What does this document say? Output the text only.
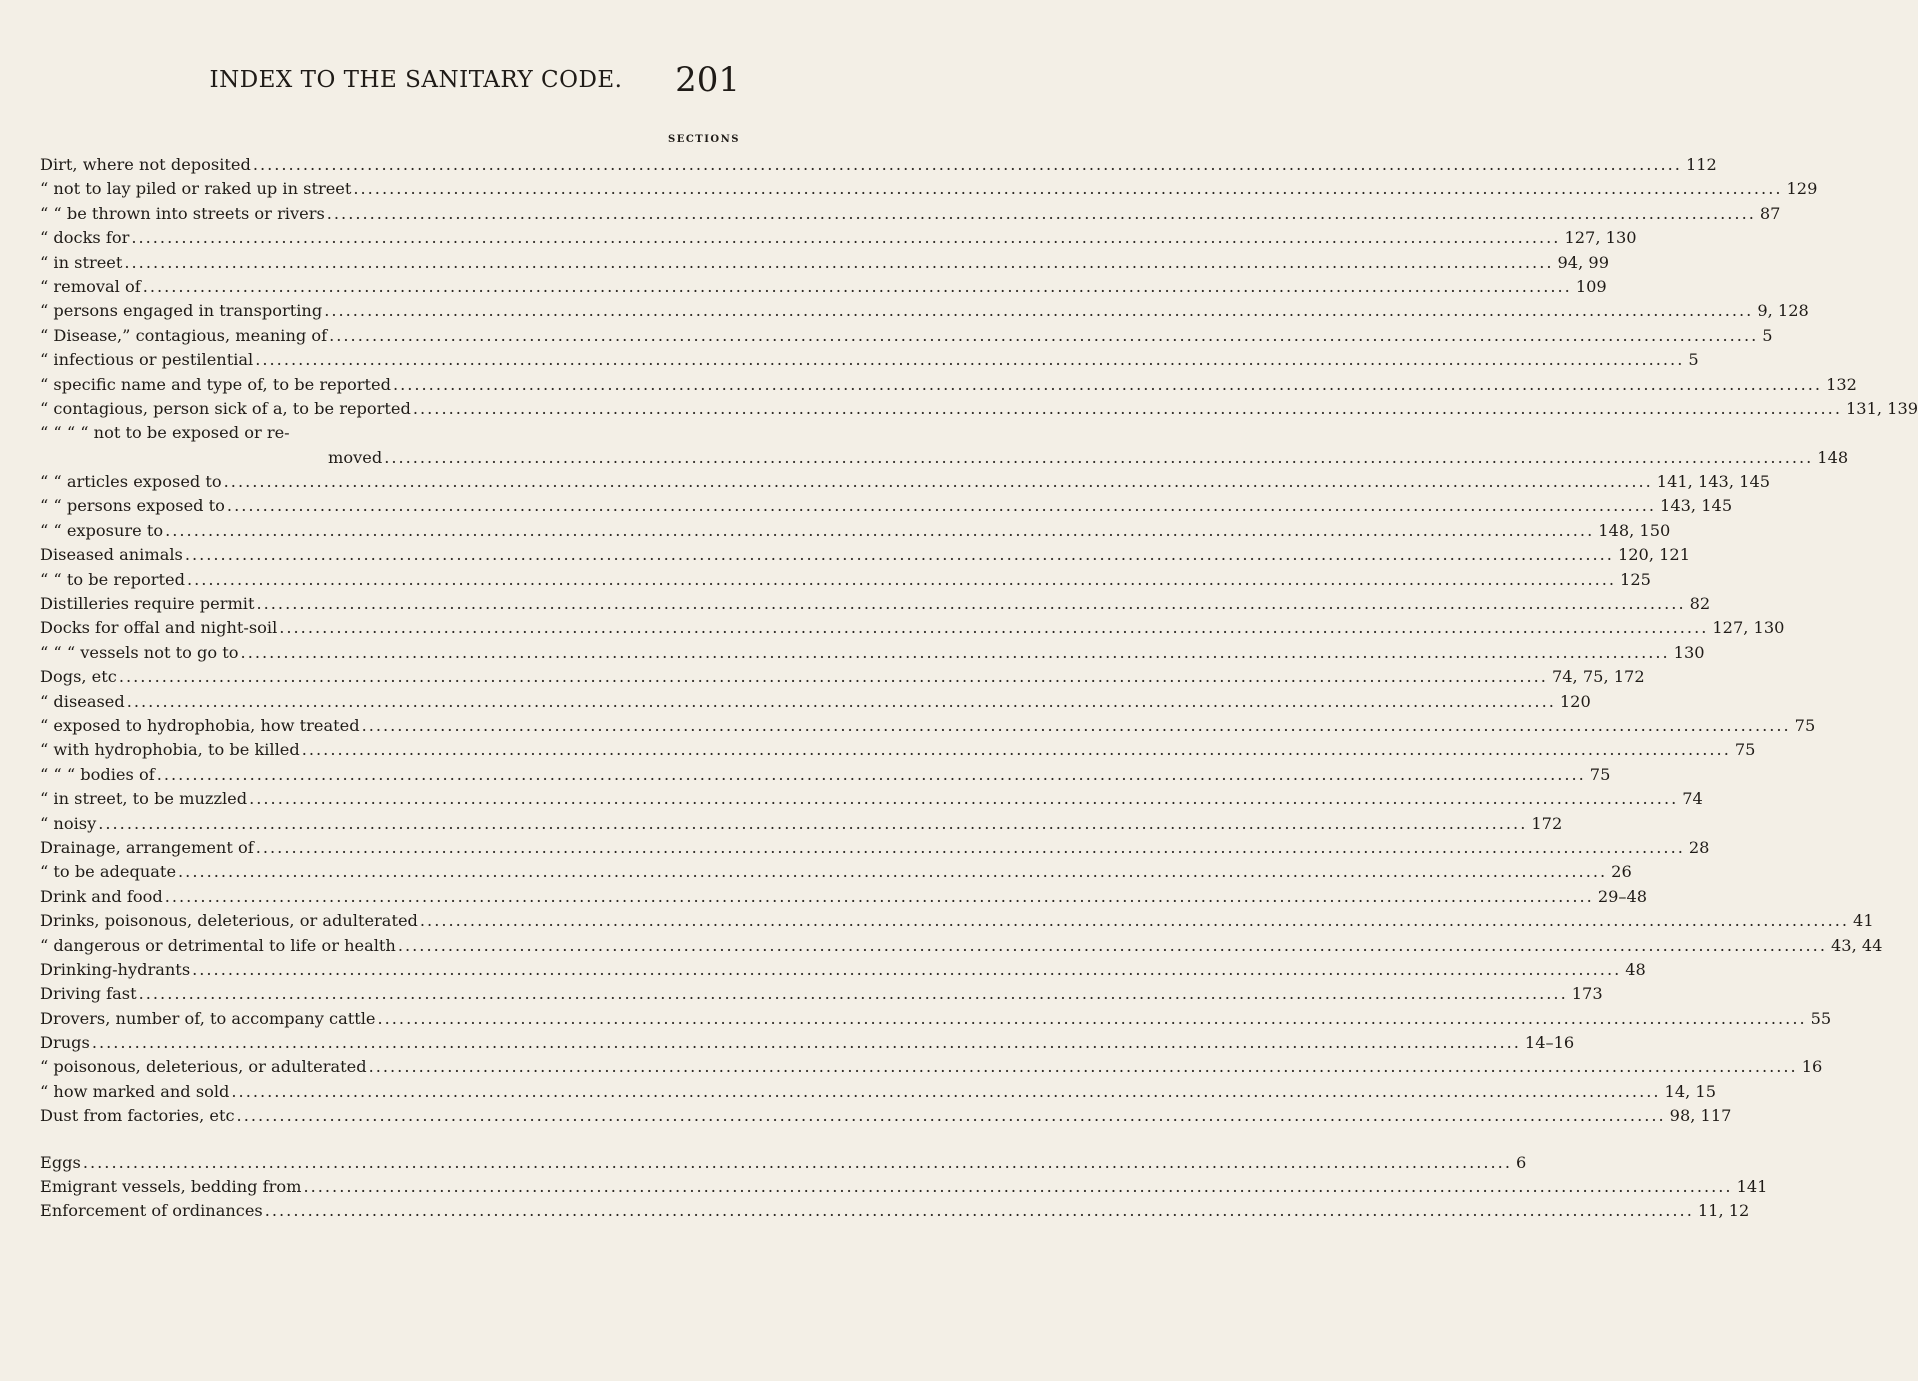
INDEX TO THE SANITARY CODE.	201
SECTIONS
Dirt, where not deposited ........................................................................................................................................................................................................ 112
“ not to lay piled or raked up in street ........................................................................................................................................................................................................ 129
“ “ be thrown into streets or rivers ........................................................................................................................................................................................................ 87
“ docks for ........................................................................................................................................................................................................ 127, 130
“ in street ........................................................................................................................................................................................................ 94, 99
“ removal of ........................................................................................................................................................................................................ 109
“ persons engaged in transporting ........................................................................................................................................................................................................ 9, 128
“ Disease,” contagious, meaning of ........................................................................................................................................................................................................ 5
“ infectious or pestilential ........................................................................................................................................................................................................ 5
“ specific name and type of, to be reported ........................................................................................................................................................................................................ 132
“ contagious, person sick of a, to be reported ........................................................................................................................................................................................................ 131, 139
“ “ “ “ not to be exposed or re-
moved ........................................................................................................................................................................................................ 148
“ “ articles exposed to ........................................................................................................................................................................................................ 141, 143, 145
“ “ persons exposed to ........................................................................................................................................................................................................ 143, 145
“ “ exposure to ........................................................................................................................................................................................................ 148, 150
Diseased animals ........................................................................................................................................................................................................ 120, 121
“ “ to be reported ........................................................................................................................................................................................................ 125
Distilleries require permit ........................................................................................................................................................................................................ 82
Docks for offal and night-soil ........................................................................................................................................................................................................ 127, 130
“ “ “ vessels not to go to ........................................................................................................................................................................................................ 130
Dogs, etc ........................................................................................................................................................................................................ 74, 75, 172
“ diseased ........................................................................................................................................................................................................ 120
“ exposed to hydrophobia, how treated ........................................................................................................................................................................................................ 75
“ with hydrophobia, to be killed ........................................................................................................................................................................................................ 75
“ “ “ bodies of ........................................................................................................................................................................................................ 75
“ in street, to be muzzled ........................................................................................................................................................................................................ 74
“ noisy ........................................................................................................................................................................................................ 172
Drainage, arrangement of ........................................................................................................................................................................................................ 28
“ to be adequate ........................................................................................................................................................................................................ 26
Drink and food ........................................................................................................................................................................................................ 29–48
Drinks, poisonous, deleterious, or adulterated ........................................................................................................................................................................................................ 41
“ dangerous or detrimental to life or health ........................................................................................................................................................................................................ 43, 44
Drinking-hydrants ........................................................................................................................................................................................................ 48
Driving fast ........................................................................................................................................................................................................ 173
Drovers, number of, to accompany cattle ........................................................................................................................................................................................................ 55
Drugs ........................................................................................................................................................................................................ 14–16
“ poisonous, deleterious, or adulterated ........................................................................................................................................................................................................ 16
“ how marked and sold ........................................................................................................................................................................................................ 14, 15
Dust from factories, etc ........................................................................................................................................................................................................ 98, 117
Eggs ........................................................................................................................................................................................................ 6
Emigrant vessels, bedding from ........................................................................................................................................................................................................ 141
Enforcement of ordinances ........................................................................................................................................................................................................ 11, 12
